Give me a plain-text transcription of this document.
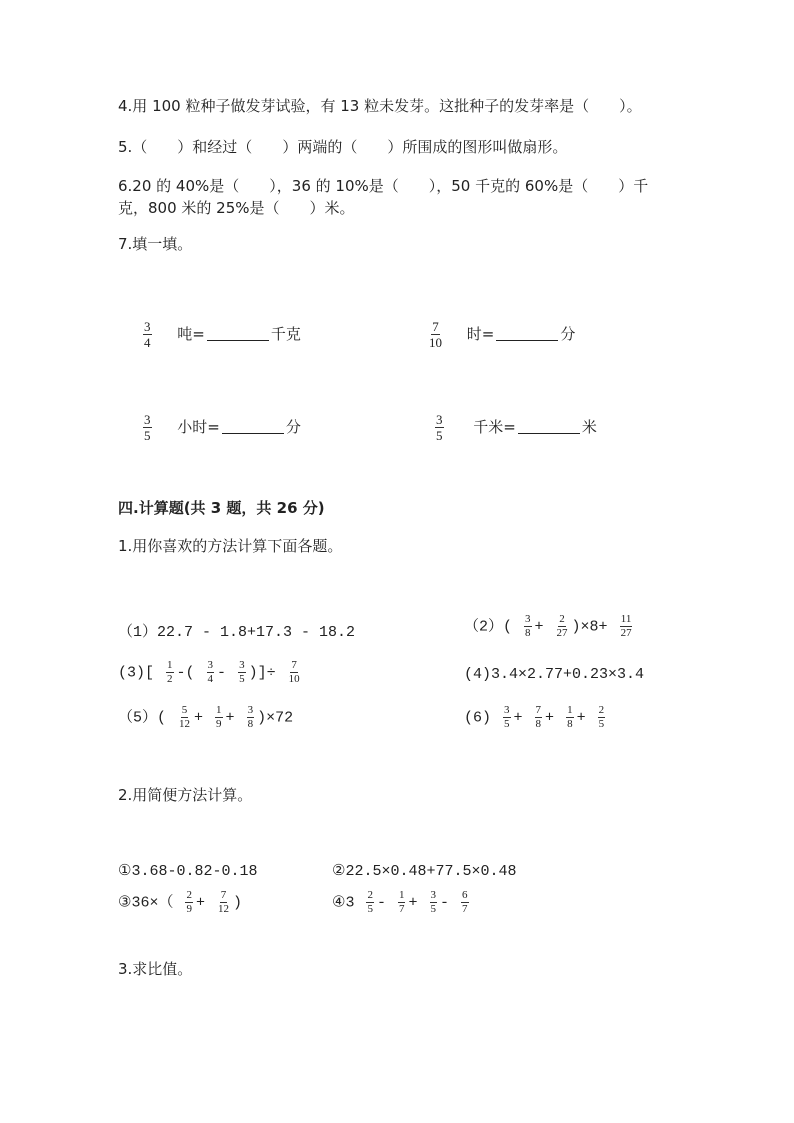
4.用 100 粒种子做发芽试验，有 13 粒未发芽。这批种子的发芽率是（　　）。
5.（　　）和经过（　　）两端的（　　）所围成的图形叫做扇形。
6.20 的 40%是（　　），36 的 10%是（　　），50 千克的 60%是（　　）千
克，800 米的 25%是（　　）米。
7.填一填。
$\frac{3}{4}$ 吨=	千克	$\frac{7}{10}$ 时=	分
$\frac{3}{5}$ 小时=	分	$\frac{3}{5}$ 千米=	米
四.计算题(共 3 题，共 26 分)
1.用你喜欢的方法计算下面各题。
（1）22.7 - 1.8+17.3 - 18.2	$(2)( \frac{3}{8} + \frac{2}{27} )\times 8+ \frac{11}{27}$
$(3)[ \frac{1}{2}$ -( $\frac{3}{4} - \frac{3}{5}$ )]÷ $\frac{7}{10}$	(4)3.4×2.77+0.23×3.4
$(5)( \frac{5}{12} + \frac{1}{9} + \frac{3}{8} )\times 72$	$(6) \frac{3}{5} + \frac{7}{8} + \frac{1}{8} + \frac{2}{5}$
2.用简便方法计算。
①3.68-0.82-0.18	②22.5×0.48+77.5×0.48
③36×（ $\frac{2}{9} + \frac{7}{12}$ )	④3 $\frac{2}{5} - \frac{1}{7} + \frac{3}{5} - \frac{6}{7}$
3.求比值。
